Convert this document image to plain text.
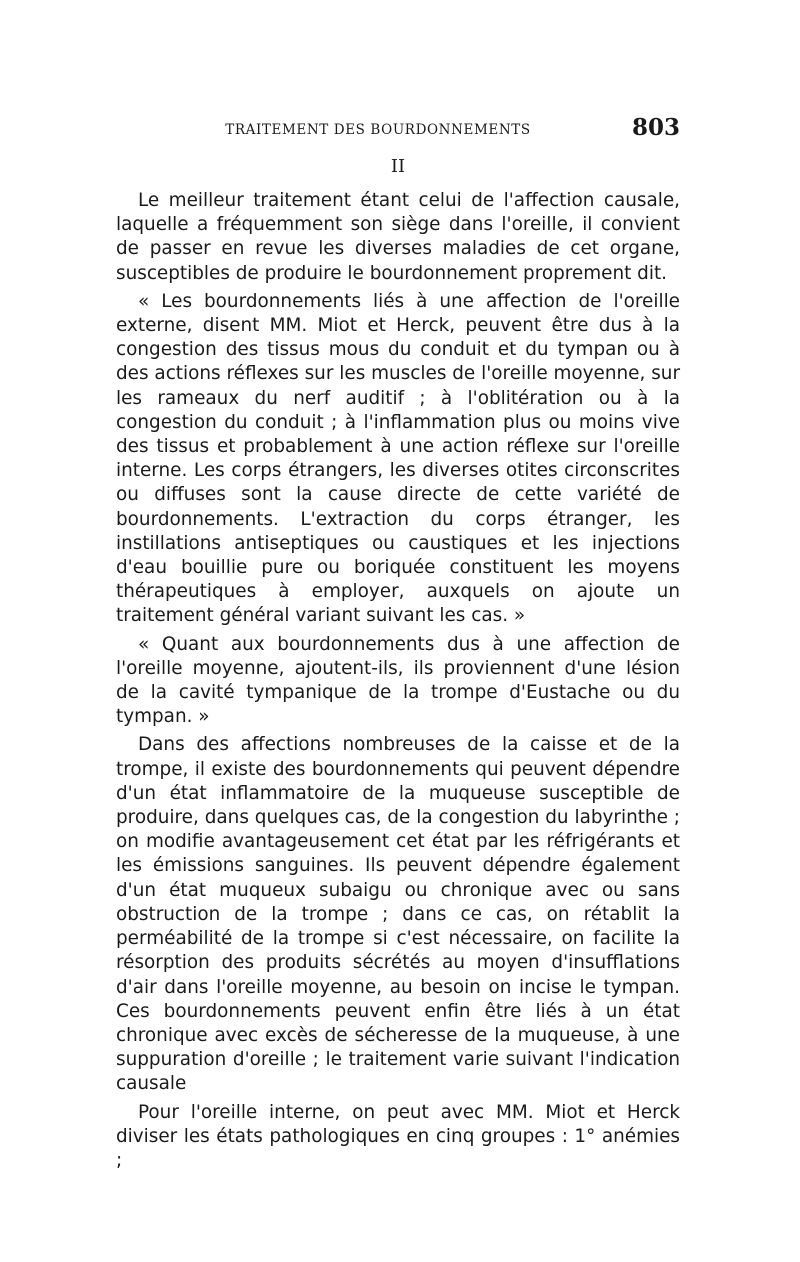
TRAITEMENT DES BOURDONNEMENTS	803
II

Le meilleur traitement étant celui de l'affection causale, laquelle a fréquemment son siège dans l'oreille, il convient de passer en revue les diverses maladies de cet organe, susceptibles de produire le bourdonnement proprement dit.

« Les bourdonnements liés à une affection de l'oreille externe, disent MM. Miot et Herck, peuvent être dus à la congestion des tissus mous du conduit et du tympan ou à des actions réflexes sur les muscles de l'oreille moyenne, sur les rameaux du nerf auditif ; à l'oblitération ou à la congestion du conduit ; à l'inflammation plus ou moins vive des tissus et probablement à une action réflexe sur l'oreille interne. Les corps étrangers, les diverses otites circonscrites ou diffuses sont la cause directe de cette variété de bourdonnements. L'extraction du corps étranger, les instillations antiseptiques ou caustiques et les injections d'eau bouillie pure ou boriquée constituent les moyens thérapeutiques à employer, auxquels on ajoute un traitement général variant suivant les cas. »

« Quant aux bourdonnements dus à une affection de l'oreille moyenne, ajoutent-ils, ils proviennent d'une lésion de la cavité tympanique de la trompe d'Eustache ou du tympan. »

Dans des affections nombreuses de la caisse et de la trompe, il existe des bourdonnements qui peuvent dépendre d'un état inflammatoire de la muqueuse susceptible de produire, dans quelques cas, de la congestion du labyrinthe ; on modifie avantageusement cet état par les réfrigérants et les émissions sanguines. Ils peuvent dépendre également d'un état muqueux subaigu ou chronique avec ou sans obstruction de la trompe ; dans ce cas, on rétablit la perméabilité de la trompe si c'est nécessaire, on facilite la résorption des produits sécrétés au moyen d'insufflations d'air dans l'oreille moyenne, au besoin on incise le tympan. Ces bourdonnements peuvent enfin être liés à un état chronique avec excès de sécheresse de la muqueuse, à une suppuration d'oreille ; le traitement varie suivant l'indication causale

Pour l'oreille interne, on peut avec MM. Miot et Herck diviser les états pathologiques en cinq groupes : 1° anémies ;
